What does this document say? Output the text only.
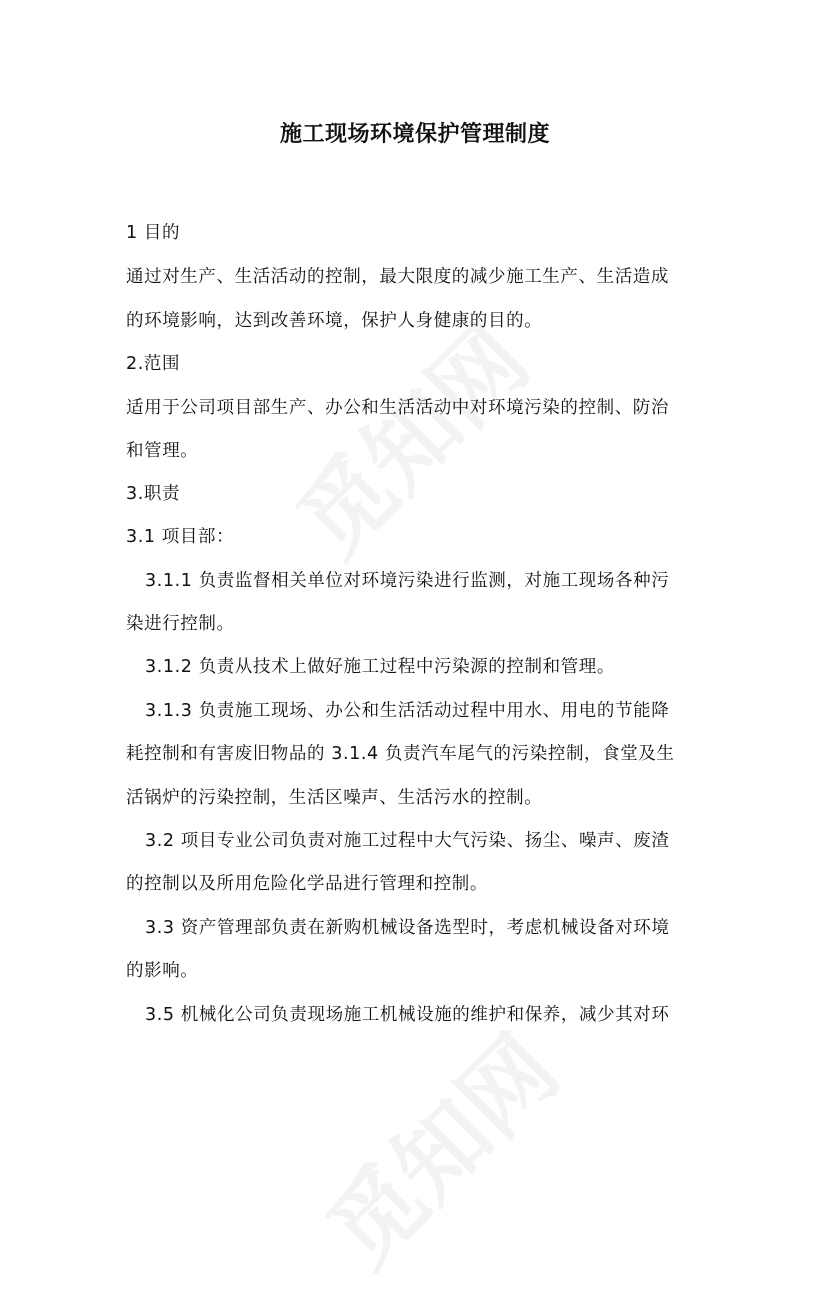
施工现场环境保护管理制度
1 目的
通过对生产、生活活动的控制，最大限度的减少施工生产、生活造成
的环境影响，达到改善环境，保护人身健康的目的。
2.范围
适用于公司项目部生产、办公和生活活动中对环境污染的控制、防治
和管理。
3.职责
3.1 项目部：
3.1.1 负责监督相关单位对环境污染进行监测，对施工现场各种污
染进行控制。
3.1.2 负责从技术上做好施工过程中污染源的控制和管理。
3.1.3 负责施工现场、办公和生活活动过程中用水、用电的节能降
耗控制和有害废旧物品的 3.1.4 负责汽车尾气的污染控制，食堂及生
活锅炉的污染控制，生活区噪声、生活污水的控制。
3.2 项目专业公司负责对施工过程中大气污染、扬尘、噪声、废渣
的控制以及所用危险化学品进行管理和控制。
3.3 资产管理部负责在新购机械设备选型时，考虑机械设备对环境
的影响。
3.5 机械化公司负责现场施工机械设施的维护和保养，减少其对环
